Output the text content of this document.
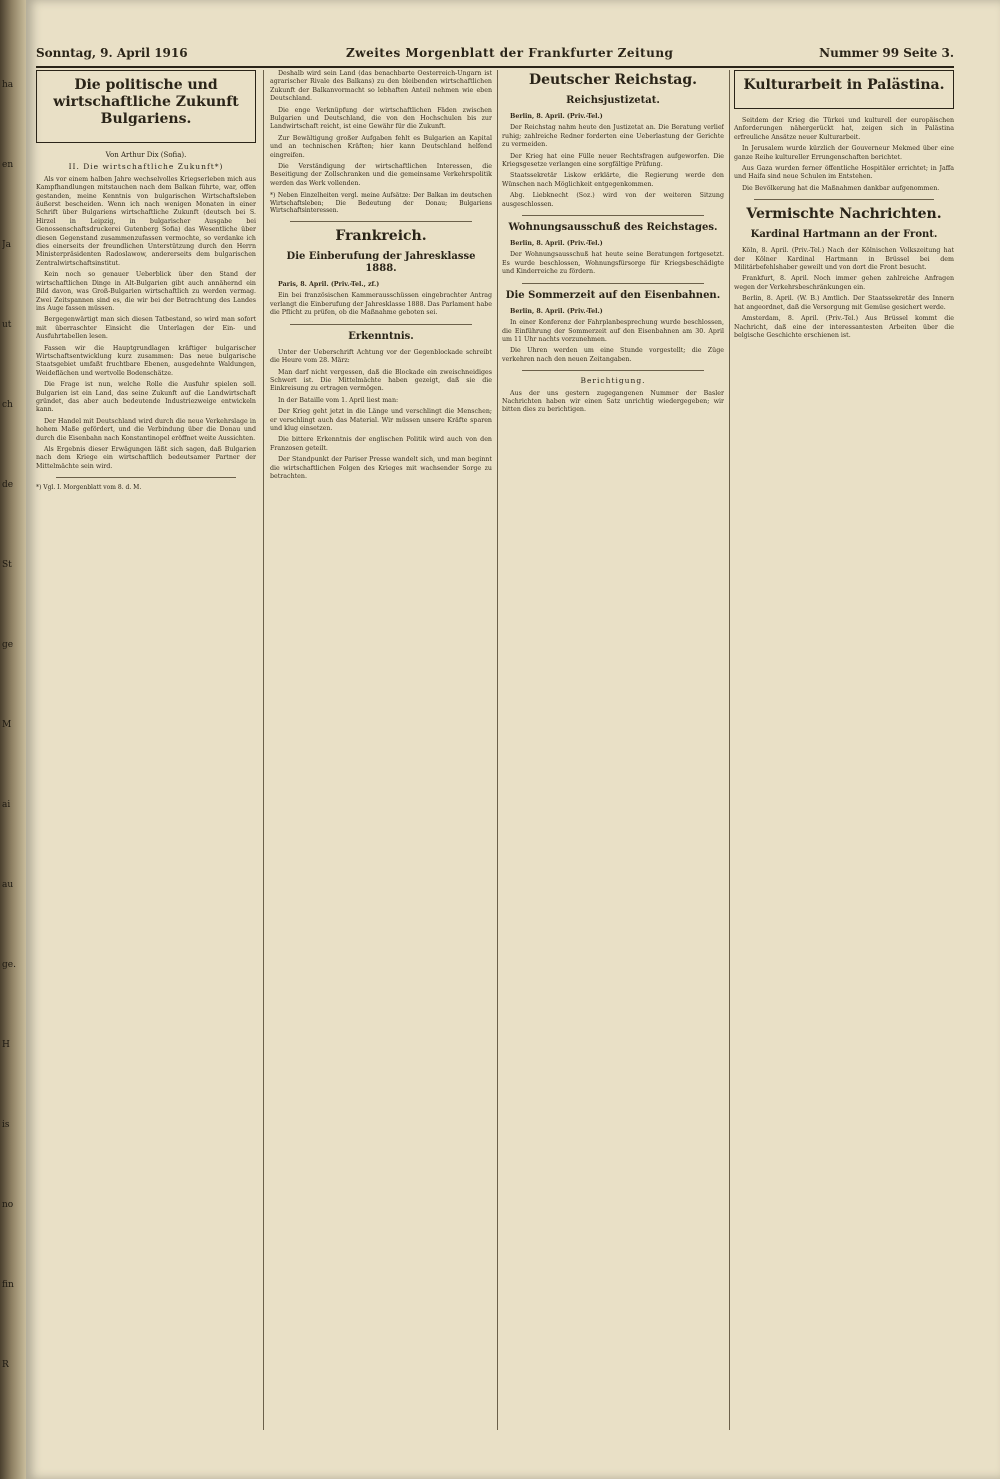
ha
en
Ja
ut
ch
de
St
ge
M
ai
au
ge.
H
is
no
fin
R
Sonntag, 9. April 1916	Zweites Morgenblatt der Frankfurter Zeitung	Nummer 99 Seite 3.
Die politische und wirtschaftliche Zukunft Bulgariens.
Von Arthur Dix (Sofia).
II. Die wirtschaftliche Zukunft*)
Als vor einem halben Jahre wechselvolles Kriegserleben mich aus Kampfhandlungen mitstauchen nach dem Balkan führte, war, offen gestanden, meine Kenntnis von bulgarischen Wirtschaftsleben äußerst bescheiden. Wenn ich nach wenigen Monaten in einer Schrift über Bulgariens wirtschaftliche Zukunft (deutsch bei S. Hirzel in Leipzig, in bulgarischer Ausgabe bei Genossenschaftsdruckerei Gutenberg Sofia) das Wesentliche über diesen Gegenstand zusammenzufassen vermochte, so verdanke ich dies einerseits der freundlichen Unterstützung durch den Herrn Ministerpräsidenten Radoslawow, andererseits dem bulgarischen Zentralwirtschaftsinstitut.
Kein noch so genauer Ueberblick über den Stand der wirtschaftlichen Dinge in Alt-Bulgarien gibt auch annähernd ein Bild davon, was Groß-Bulgarien wirtschaftlich zu werden vermag. Zwei Zeitspannen sind es, die wir bei der Betrachtung des Landes ins Auge fassen müssen.
Bergegenwärtigt man sich diesen Tatbestand, so wird man sofort mit überraschter Einsicht die Unterlagen der Ein- und Ausfuhrtabellen lesen.
Fassen wir die Hauptgrundlagen kräftiger bulgarischer Wirtschaftsentwicklung kurz zusammen: Das neue bulgarische Staatsgebiet umfaßt fruchtbare Ebenen, ausgedehnte Waldungen, Weideflächen und wertvolle Bodenschätze.
Die Frage ist nun, welche Rolle die Ausfuhr spielen soll. Bulgarien ist ein Land, das seine Zukunft auf die Landwirtschaft gründet, das aber auch bedeutende Industriezweige entwickeln kann.
Der Handel mit Deutschland wird durch die neue Verkehrslage in hohem Maße gefördert, und die Verbindung über die Donau und durch die Eisenbahn nach Konstantinopel eröffnet weite Aussichten.
Als Ergebnis dieser Erwägungen läßt sich sagen, daß Bulgarien nach dem Kriege ein wirtschaftlich bedeutsamer Partner der Mittelmächte sein wird.
*) Vgl. I. Morgenblatt vom 8. d. M.
Deshalb wird sein Land (das benachbarte Oesterreich-Ungarn ist agrarischer Rivale des Balkans) zu den bleibenden wirtschaftlichen Zukunft der Balkanvormacht so lebhaften Anteil nehmen wie eben Deutschland.
Die enge Verknüpfung der wirtschaftlichen Fäden zwischen Bulgarien und Deutschland, die von den Hochschulen bis zur Landwirtschaft reicht, ist eine Gewähr für die Zukunft.
Zur Bewältigung großer Aufgaben fehlt es Bulgarien an Kapital und an technischen Kräften; hier kann Deutschland helfend eingreifen.
Die Verständigung der wirtschaftlichen Interessen, die Beseitigung der Zollschranken und die gemeinsame Verkehrspolitik werden das Werk vollenden.
*) Neben Einzelheiten vergl. meine Aufsätze: Der Balkan im deutschen Wirtschaftsleben; Die Bedeutung der Donau; Bulgariens Wirtschaftsinteressen.
Frankreich.
Die Einberufung der Jahresklasse 1888.
Paris, 8. April. (Priv.-Tel., zf.)
Ein bei französischen Kammerausschüssen eingebrachter Antrag verlangt die Einberufung der Jahresklasse 1888. Das Parlament habe die Pflicht zu prüfen, ob die Maßnahme geboten sei.
Erkenntnis.
Unter der Ueberschrift Achtung vor der Gegenblockade schreibt die Heure vom 28. März:
Man darf nicht vergessen, daß die Blockade ein zweischneidiges Schwert ist. Die Mittelmächte haben gezeigt, daß sie die Einkreisung zu ertragen vermögen.
In der Bataille vom 1. April liest man:
Der Krieg geht jetzt in die Länge und verschlingt die Menschen; er verschlingt auch das Material. Wir müssen unsere Kräfte sparen und klug einsetzen.
Die bittere Erkenntnis der englischen Politik wird auch von den Franzosen geteilt.
Der Standpunkt der Pariser Presse wandelt sich, und man beginnt die wirtschaftlichen Folgen des Krieges mit wachsender Sorge zu betrachten.
Deutscher Reichstag.
Reichsjustizetat.
Berlin, 8. April. (Priv.-Tel.)
Der Reichstag nahm heute den Justizetat an. Die Beratung verlief ruhig; zahlreiche Redner forderten eine Ueberlastung der Gerichte zu vermeiden.
Der Krieg hat eine Fülle neuer Rechtsfragen aufgeworfen. Die Kriegsgesetze verlangen eine sorgfältige Prüfung.
Staatssekretär Liskow erklärte, die Regierung werde den Wünschen nach Möglichkeit entgegenkommen.
Abg. Liebknecht (Soz.) wird von der weiteren Sitzung ausgeschlossen.
Wohnungsausschuß des Reichstages.
Berlin, 8. April. (Priv.-Tel.)
Der Wohnungsausschuß hat heute seine Beratungen fortgesetzt. Es wurde beschlossen, Wohnungsfürsorge für Kriegsbeschädigte und Kinderreiche zu fördern.
Die Sommerzeit auf den Eisenbahnen.
Berlin, 8. April. (Priv.-Tel.)
In einer Konferenz der Fahrplanbesprechung wurde beschlossen, die Einführung der Sommerzeit auf den Eisenbahnen am 30. April um 11 Uhr nachts vorzunehmen.
Die Uhren werden um eine Stunde vorgestellt; die Züge verkehren nach den neuen Zeitangaben.
Berichtigung.
Aus der uns gestern zugegangenen Nummer der Basler Nachrichten haben wir einen Satz unrichtig wiedergegeben; wir bitten dies zu berichtigen.
Kulturarbeit in Palästina.
Seitdem der Krieg die Türkei und kulturell der europäischen Anforderungen nähergerückt hat, zeigen sich in Palästina erfreuliche Ansätze neuer Kulturarbeit.
In Jerusalem wurde kürzlich der Gouverneur Mekmed über eine ganze Reihe kultureller Errungenschaften berichtet.
Aus Gaza wurden ferner öffentliche Hospitäler errichtet; in Jaffa und Haifa sind neue Schulen im Entstehen.
Die Bevölkerung hat die Maßnahmen dankbar aufgenommen.
Vermischte Nachrichten.
Kardinal Hartmann an der Front.
Köln, 8. April. (Priv.-Tel.) Nach der Kölnischen Volkszeitung hat der Kölner Kardinal Hartmann in Brüssel bei dem Militärbefehlshaber geweilt und von dort die Front besucht.
Frankfurt, 8. April. Noch immer gehen zahlreiche Anfragen wegen der Verkehrsbeschränkungen ein.
Berlin, 8. April. (W. B.) Amtlich. Der Staatssekretär des Innern hat angeordnet, daß die Versorgung mit Gemüse gesichert werde.
Amsterdam, 8. April. (Priv.-Tel.) Aus Brüssel kommt die Nachricht, daß eine der interessantesten Arbeiten über die belgische Geschichte erschienen ist.
